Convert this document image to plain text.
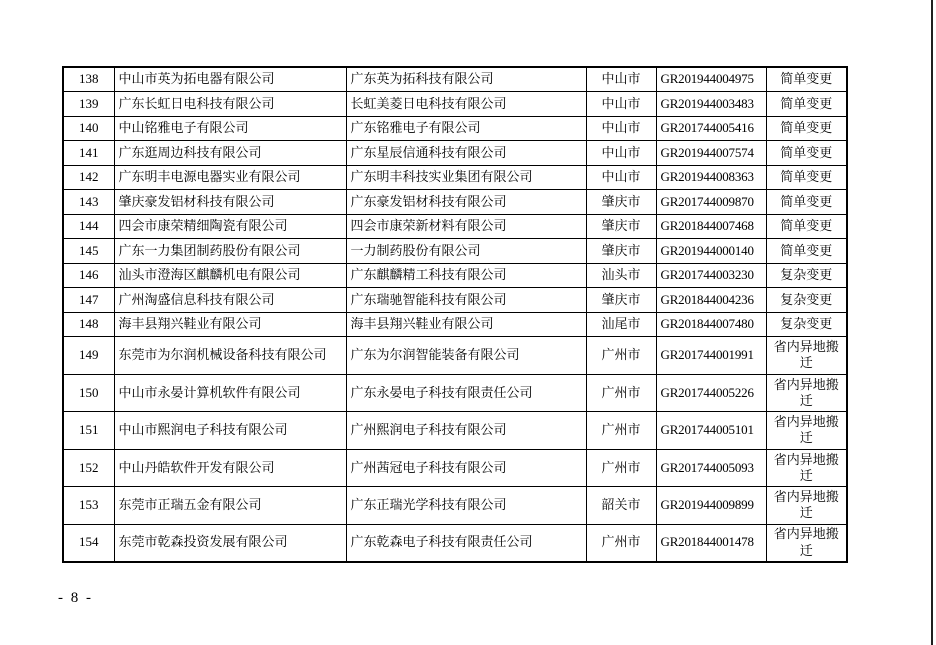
138	中山市英为拓电器有限公司	广东英为拓科技有限公司	中山市	GR201944004975	简单变更
139	广东长虹日电科技有限公司	长虹美菱日电科技有限公司	中山市	GR201944003483	简单变更
140	中山铭雅电子有限公司	广东铭雅电子有限公司	中山市	GR201744005416	简单变更
141	广东逛周边科技有限公司	广东星辰信通科技有限公司	中山市	GR201944007574	简单变更
142	广东明丰电源电器实业有限公司	广东明丰科技实业集团有限公司	中山市	GR201944008363	简单变更
143	肇庆豪发铝材科技有限公司	广东豪发铝材科技有限公司	肇庆市	GR201744009870	简单变更
144	四会市康荣精细陶瓷有限公司	四会市康荣新材料有限公司	肇庆市	GR201844007468	简单变更
145	广东一力集团制药股份有限公司	一力制药股份有限公司	肇庆市	GR201944000140	简单变更
146	汕头市澄海区麒麟机电有限公司	广东麒麟精工科技有限公司	汕头市	GR201744003230	复杂变更
147	广州淘盛信息科技有限公司	广东瑞驰智能科技有限公司	肇庆市	GR201844004236	复杂变更
148	海丰县翔兴鞋业有限公司	海丰县翔兴鞋业有限公司	汕尾市	GR201844007480	复杂变更
149	东莞市为尔润机械设备科技有限公司	广东为尔润智能装备有限公司	广州市	GR201744001991	省内异地搬迁
150	中山市永晏计算机软件有限公司	广东永晏电子科技有限责任公司	广州市	GR201744005226	省内异地搬迁
151	中山市熙润电子科技有限公司	广州熙润电子科技有限公司	广州市	GR201744005101	省内异地搬迁
152	中山丹皓软件开发有限公司	广州茜冠电子科技有限公司	广州市	GR201744005093	省内异地搬迁
153	东莞市正瑞五金有限公司	广东正瑞光学科技有限公司	韶关市	GR201944009899	省内异地搬迁
154	东莞市乾森投资发展有限公司	广东乾森电子科技有限责任公司	广州市	GR201844001478	省内异地搬迁
- 8 -
